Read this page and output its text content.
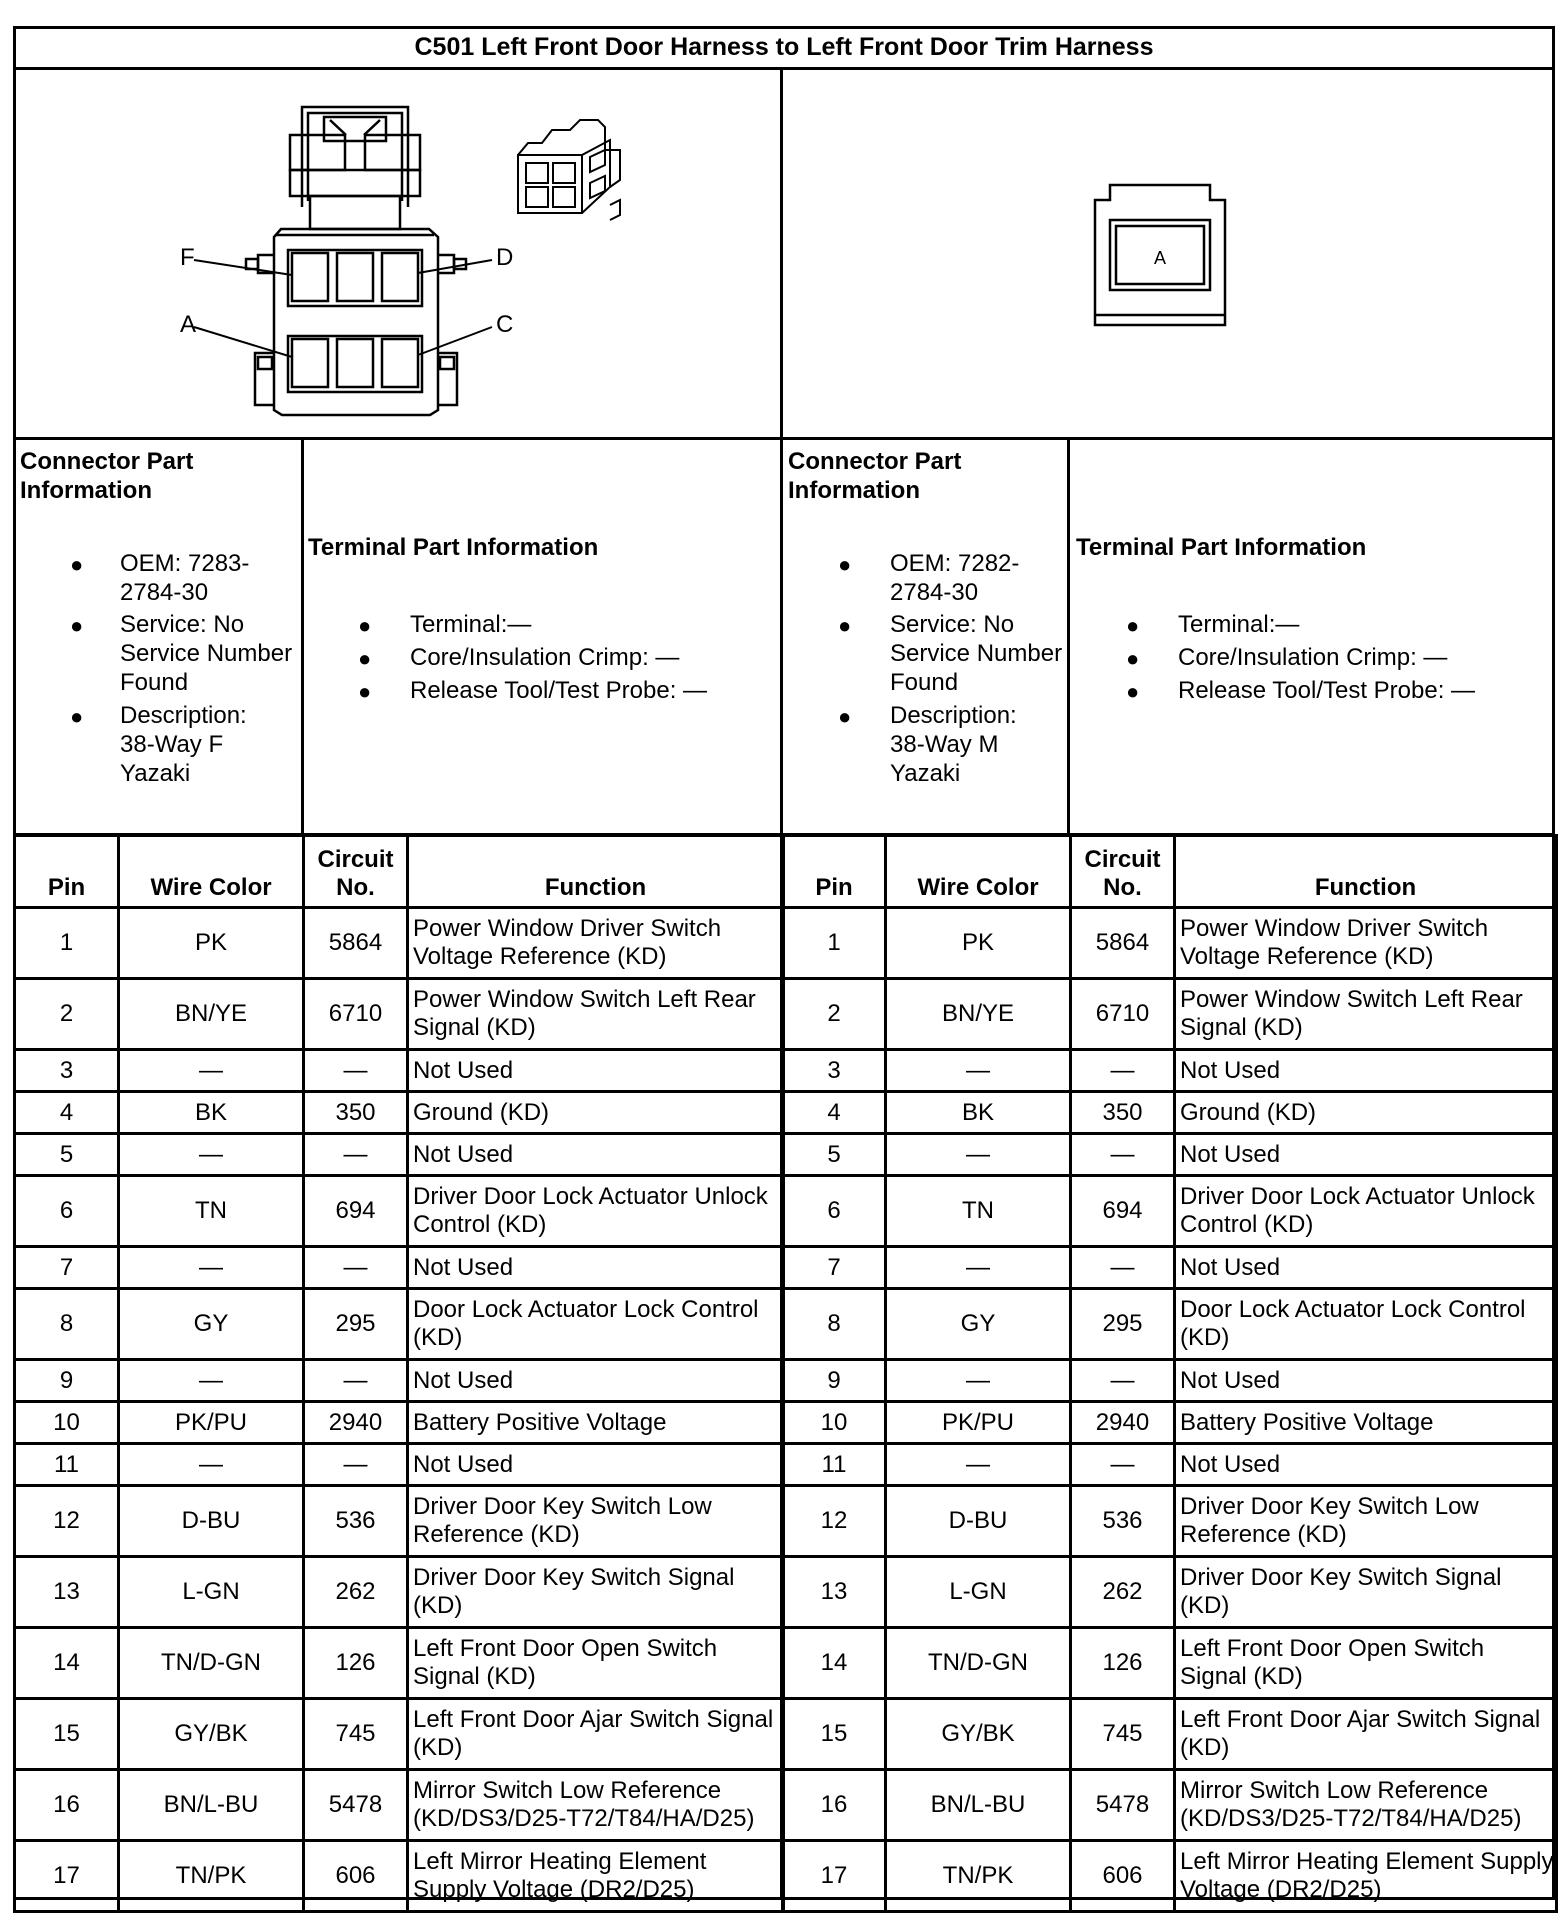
C501 Left Front Door Harness to Left Front Door Trim Harness
F	D
A	C
A
Connector Part Information
● OEM: 7283-2784-30
● Service: No Service Number Found
● Description: 38-Way F Yazaki
Terminal Part Information
● Terminal:—
● Core/Insulation Crimp: —
● Release Tool/Test Probe: —
Connector Part Information
● OEM: 7282-2784-30
● Service: No Service Number Found
● Description: 38-Way M Yazaki
Terminal Part Information
● Terminal:—
● Core/Insulation Crimp: —
● Release Tool/Test Probe: —
Pin	Wire Color	Circuit No.	Function
1	PK	5864	Power Window Driver Switch Voltage Reference (KD)
2	BN/YE	6710	Power Window Switch Left Rear Signal (KD)
3	—	—	Not Used
4	BK	350	Ground (KD)
5	—	—	Not Used
6	TN	694	Driver Door Lock Actuator Unlock Control (KD)
7	—	—	Not Used
8	GY	295	Door Lock Actuator Lock Control (KD)
9	—	—	Not Used
10	PK/PU	2940	Battery Positive Voltage
11	—	—	Not Used
12	D-BU	536	Driver Door Key Switch Low Reference (KD)
13	L-GN	262	Driver Door Key Switch Signal (KD)
14	TN/D-GN	126	Left Front Door Open Switch Signal (KD)
15	GY/BK	745	Left Front Door Ajar Switch Signal (KD)
16	BN/L-BU	5478	Mirror Switch Low Reference (KD/DS3/D25-T72/T84/HA/D25)
17	TN/PK	606	Left Mirror Heating Element Supply Voltage (DR2/D25)
Pin	Wire Color	Circuit No.	Function
1	PK	5864	Power Window Driver Switch Voltage Reference (KD)
2	BN/YE	6710	Power Window Switch Left Rear Signal (KD)
3	—	—	Not Used
4	BK	350	Ground (KD)
5	—	—	Not Used
6	TN	694	Driver Door Lock Actuator Unlock Control (KD)
7	—	—	Not Used
8	GY	295	Door Lock Actuator Lock Control (KD)
9	—	—	Not Used
10	PK/PU	2940	Battery Positive Voltage
11	—	—	Not Used
12	D-BU	536	Driver Door Key Switch Low Reference (KD)
13	L-GN	262	Driver Door Key Switch Signal (KD)
14	TN/D-GN	126	Left Front Door Open Switch Signal (KD)
15	GY/BK	745	Left Front Door Ajar Switch Signal (KD)
16	BN/L-BU	5478	Mirror Switch Low Reference (KD/DS3/D25-T72/T84/HA/D25)
17	TN/PK	606	Left Mirror Heating Element Supply Voltage (DR2/D25)
